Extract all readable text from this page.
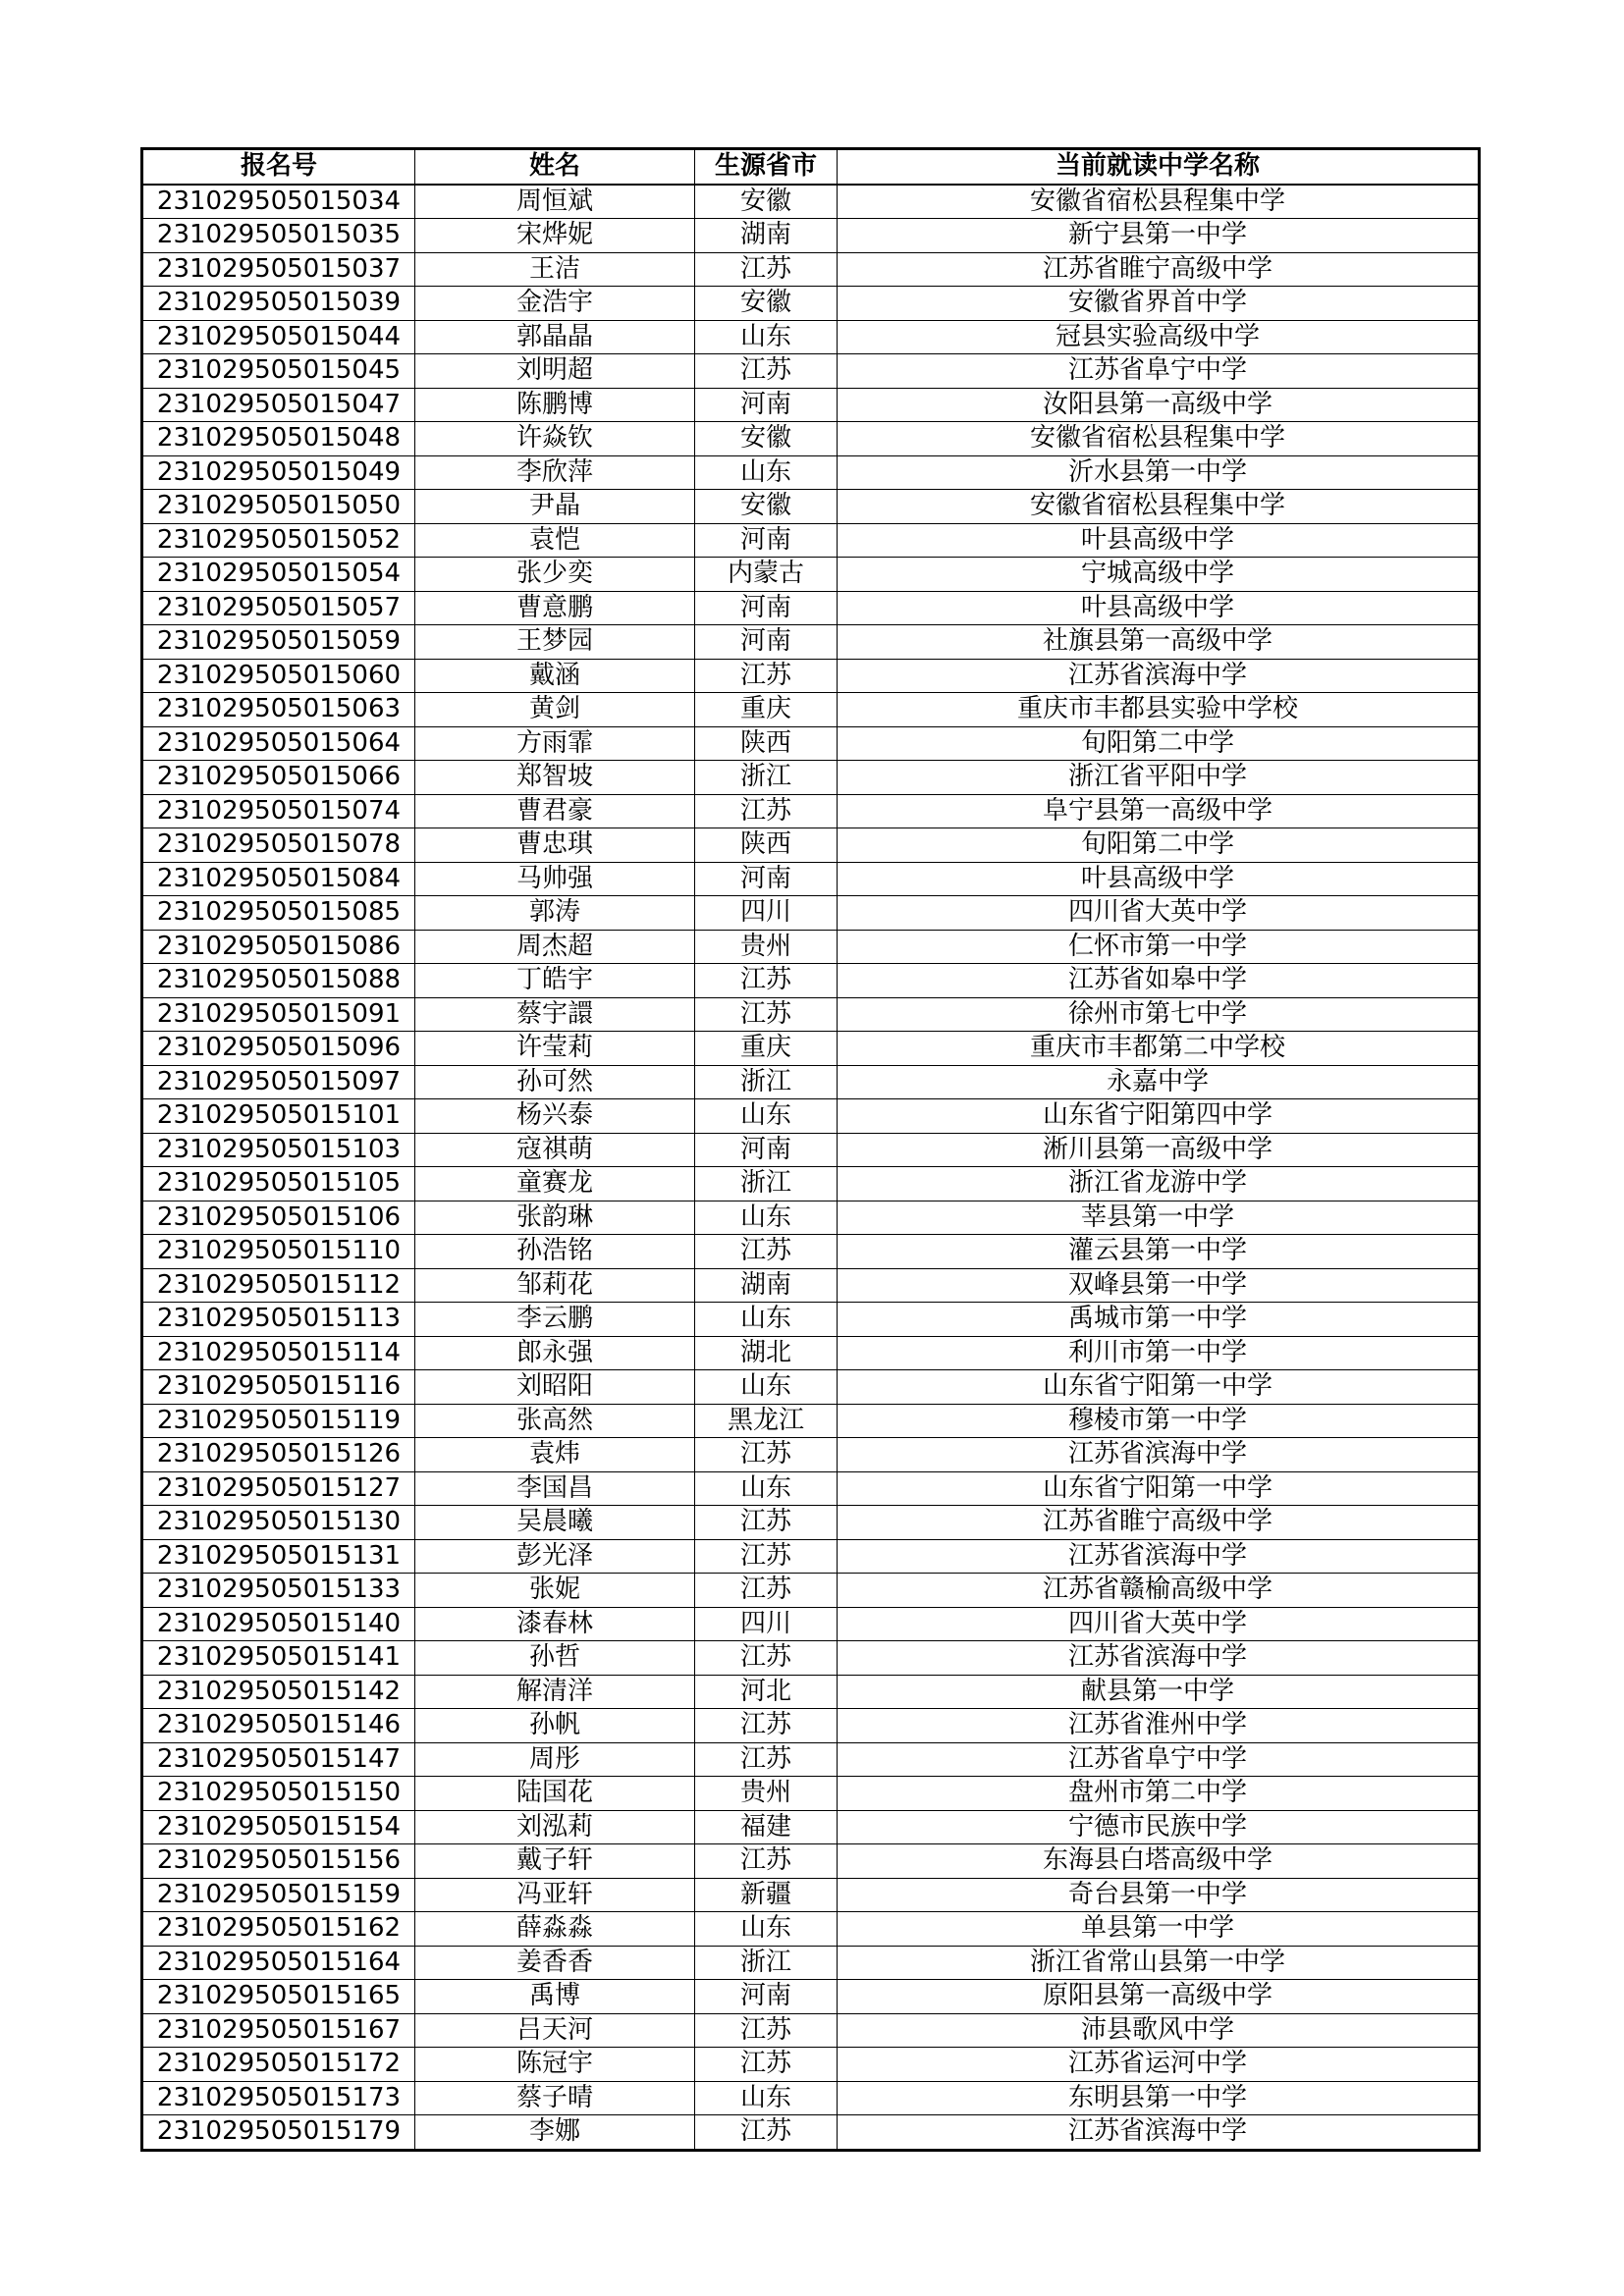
报名号	姓名	生源省市	当前就读中学名称
231029505015034	周恒斌	安徽	安徽省宿松县程集中学
231029505015035	宋烨妮	湖南	新宁县第一中学
231029505015037	王洁	江苏	江苏省睢宁高级中学
231029505015039	金浩宇	安徽	安徽省界首中学
231029505015044	郭晶晶	山东	冠县实验高级中学
231029505015045	刘明超	江苏	江苏省阜宁中学
231029505015047	陈鹏博	河南	汝阳县第一高级中学
231029505015048	许焱钦	安徽	安徽省宿松县程集中学
231029505015049	李欣萍	山东	沂水县第一中学
231029505015050	尹晶	安徽	安徽省宿松县程集中学
231029505015052	袁恺	河南	叶县高级中学
231029505015054	张少奕	内蒙古	宁城高级中学
231029505015057	曹意鹏	河南	叶县高级中学
231029505015059	王梦园	河南	社旗县第一高级中学
231029505015060	戴涵	江苏	江苏省滨海中学
231029505015063	黄剑	重庆	重庆市丰都县实验中学校
231029505015064	方雨霏	陕西	旬阳第二中学
231029505015066	郑智坡	浙江	浙江省平阳中学
231029505015074	曹君豪	江苏	阜宁县第一高级中学
231029505015078	曹忠琪	陕西	旬阳第二中学
231029505015084	马帅强	河南	叶县高级中学
231029505015085	郭涛	四川	四川省大英中学
231029505015086	周杰超	贵州	仁怀市第一中学
231029505015088	丁皓宇	江苏	江苏省如皋中学
231029505015091	蔡宇譞	江苏	徐州市第七中学
231029505015096	许莹莉	重庆	重庆市丰都第二中学校
231029505015097	孙可然	浙江	永嘉中学
231029505015101	杨兴泰	山东	山东省宁阳第四中学
231029505015103	寇祺萌	河南	淅川县第一高级中学
231029505015105	童赛龙	浙江	浙江省龙游中学
231029505015106	张韵琳	山东	莘县第一中学
231029505015110	孙浩铭	江苏	灌云县第一中学
231029505015112	邹莉花	湖南	双峰县第一中学
231029505015113	李云鹏	山东	禹城市第一中学
231029505015114	郎永强	湖北	利川市第一中学
231029505015116	刘昭阳	山东	山东省宁阳第一中学
231029505015119	张高然	黑龙江	穆棱市第一中学
231029505015126	袁炜	江苏	江苏省滨海中学
231029505015127	李国昌	山东	山东省宁阳第一中学
231029505015130	吴晨曦	江苏	江苏省睢宁高级中学
231029505015131	彭光泽	江苏	江苏省滨海中学
231029505015133	张妮	江苏	江苏省赣榆高级中学
231029505015140	漆春林	四川	四川省大英中学
231029505015141	孙哲	江苏	江苏省滨海中学
231029505015142	解清洋	河北	献县第一中学
231029505015146	孙帆	江苏	江苏省淮州中学
231029505015147	周彤	江苏	江苏省阜宁中学
231029505015150	陆国花	贵州	盘州市第二中学
231029505015154	刘泓莉	福建	宁德市民族中学
231029505015156	戴子轩	江苏	东海县白塔高级中学
231029505015159	冯亚轩	新疆	奇台县第一中学
231029505015162	薛淼淼	山东	单县第一中学
231029505015164	姜香香	浙江	浙江省常山县第一中学
231029505015165	禹博	河南	原阳县第一高级中学
231029505015167	吕天河	江苏	沛县歌风中学
231029505015172	陈冠宇	江苏	江苏省运河中学
231029505015173	蔡子晴	山东	东明县第一中学
231029505015179	李娜	江苏	江苏省滨海中学
